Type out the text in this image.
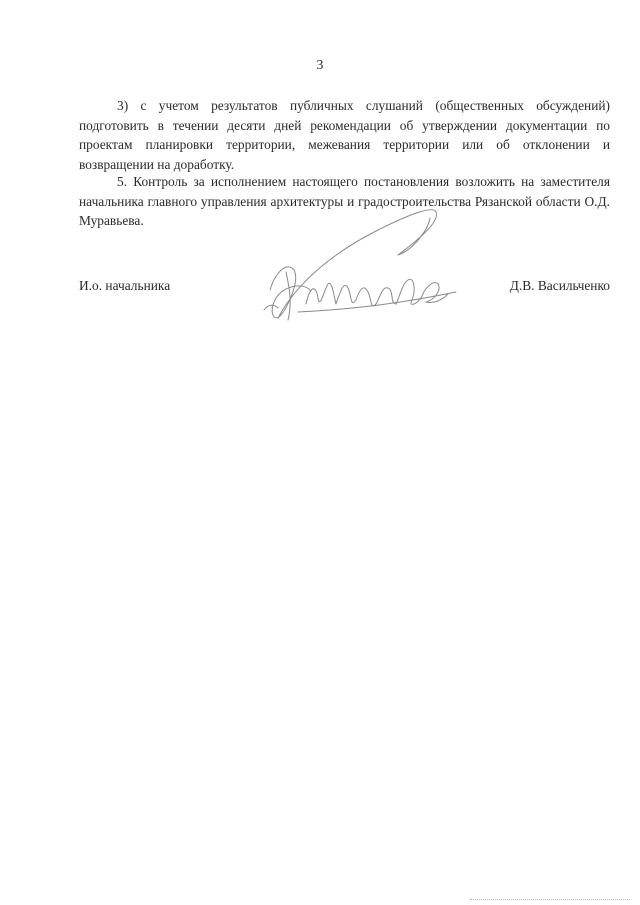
3

3) с учетом результатов публичных слушаний (общественных обсуждений) подготовить в течении десяти дней рекомендации об утверждении документации по проектам планировки территории, межевания территории или об отклонении и возвращении на доработку.

5. Контроль за исполнением настоящего постановления возложить на заместителя начальника главного управления архитектуры и градостроительства Рязанской области О.Д. Муравьева.

И.о. начальника	Д.В. Васильченко
